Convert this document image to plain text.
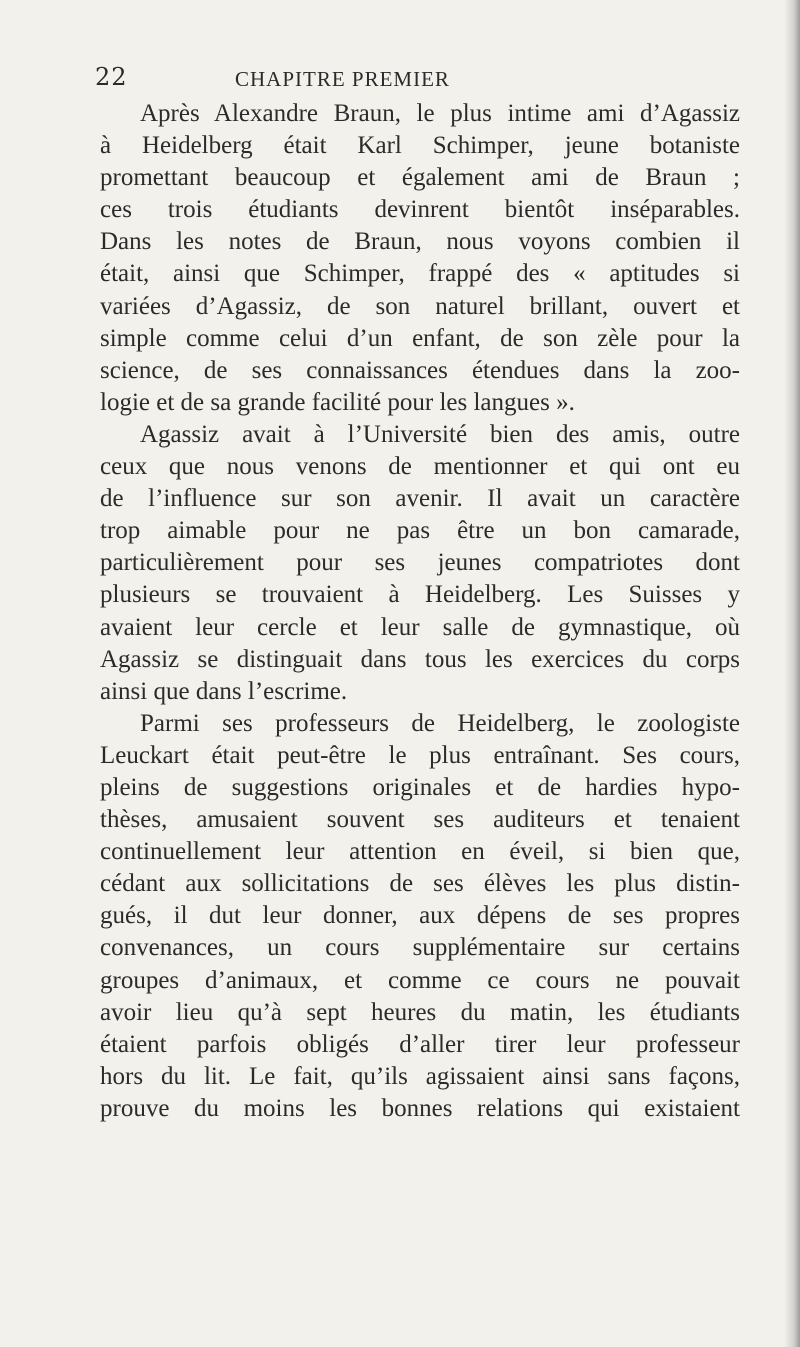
22	CHAPITRE PREMIER
Après Alexandre Braun, le plus intime ami d’Agassiz
à Heidelberg était Karl Schimper, jeune botaniste
promettant beaucoup et également ami de Braun ;
ces trois étudiants devinrent bientôt inséparables.
Dans les notes de Braun, nous voyons combien il
était, ainsi que Schimper, frappé des « aptitudes si
variées d’Agassiz, de son naturel brillant, ouvert et
simple comme celui d’un enfant, de son zèle pour la
science, de ses connaissances étendues dans la zoo-
logie et de sa grande facilité pour les langues ».
Agassiz avait à l’Université bien des amis, outre
ceux que nous venons de mentionner et qui ont eu
de l’influence sur son avenir. Il avait un caractère
trop aimable pour ne pas être un bon camarade,
particulièrement pour ses jeunes compatriotes dont
plusieurs se trouvaient à Heidelberg. Les Suisses y
avaient leur cercle et leur salle de gymnastique, où
Agassiz se distinguait dans tous les exercices du corps
ainsi que dans l’escrime.
Parmi ses professeurs de Heidelberg, le zoologiste
Leuckart était peut-être le plus entraînant. Ses cours,
pleins de suggestions originales et de hardies hypo-
thèses, amusaient souvent ses auditeurs et tenaient
continuellement leur attention en éveil, si bien que,
cédant aux sollicitations de ses élèves les plus distin-
gués, il dut leur donner, aux dépens de ses propres
convenances, un cours supplémentaire sur certains
groupes d’animaux, et comme ce cours ne pouvait
avoir lieu qu’à sept heures du matin, les étudiants
étaient parfois obligés d’aller tirer leur professeur
hors du lit. Le fait, qu’ils agissaient ainsi sans façons,
prouve du moins les bonnes relations qui existaient
